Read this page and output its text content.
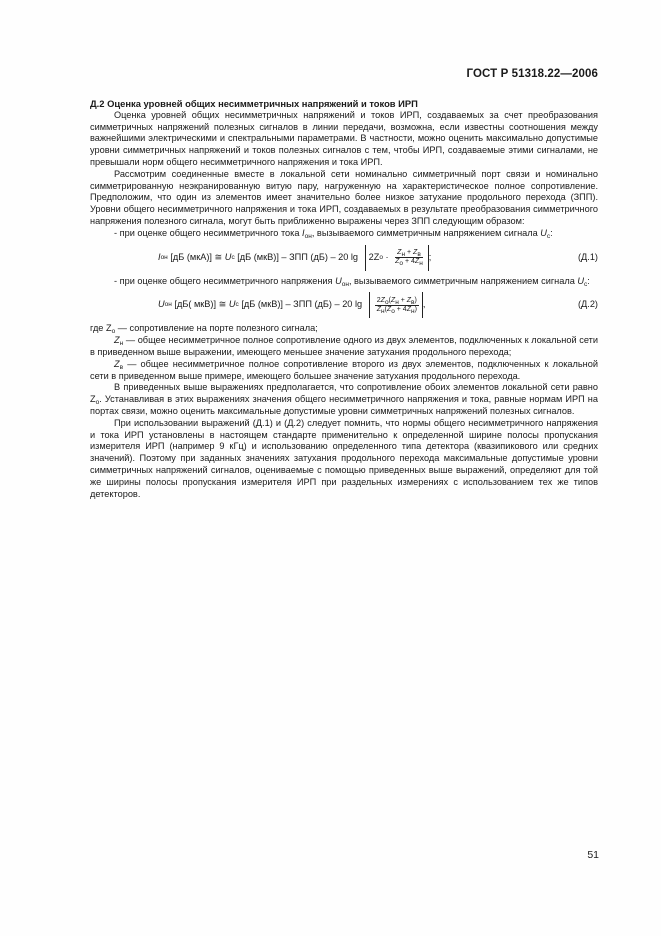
ГОСТ Р 51318.22—2006

Д.2 Оценка уровней общих несимметричных напряжений и токов ИРП

Оценка уровней общих несимметричных напряжений и токов ИРП, создаваемых за счет преобразования симметричных напряжений полезных сигналов в линии передачи, возможна, если известны соотношения между важнейшими электрическими и спектральными параметрами. В частности, можно оценить максимально допустимые уровни симметричных напряжений и токов полезных сигналов с тем, чтобы ИРП, создаваемые этими сигналами, не превышали норм общего несимметричного напряжения и тока ИРП.

Рассмотрим соединенные вместе в локальной сети номинально симметричный порт связи и номинально симметрированную неэкранированную витую пару, нагруженную на характеристическое полное сопротивление. Предположим, что один из элементов имеет значительно более низкое затухание продольного перехода (ЗПП). Уровни общего несимметричного напряжения и тока ИРП, создаваемых в результате преобразования симметричного напряжения полезного сигнала, могут быть приближенно выражены через ЗПП следующим образом:

- при оценке общего несимметричного тока $I_{он}$, вызываемого симметричным напряжением сигнала $U_с$:

I он [дБ (мкА)] ≅
U с [дБ (мкВ)] – ЗПП (дБ) – 20 lg 2Z $о \cdot \frac{Z_н + Z_в}{Z_o + 4Z_н}$ ;	(Д.1)

- при оценке общего несимметричного напряжения $U_{он}$, вызываемого симметричным напряжением сигнала $U_с$:

U он [дБ( мкВ)] ≅
U с [дБ (мкВ)] – ЗПП (дБ) – 20 $\lg \frac{2Z_о(Z_н + Z_в)}{Z_н(Z_о + 4Z_н)}$ ,	(Д.2)

где $Z_o$ — сопротивление на порте полезного сигнала;

$Z_н$ — общее несимметричное полное сопротивление одного из двух элементов, подключенных к локальной сети в приведенном выше выражении, имеющего меньшее значение затухания продольного перехода;

$Z_в$ — общее несимметричное полное сопротивление второго из двух элементов, подключенных к локальной сети в приведенном выше примере, имеющего большее значение затухания продольного перехода.

В приведенных выше выражениях предполагается, что сопротивление обоих элементов локальной сети равно $Z_o$. Устанавливая в этих выражениях значения общего несимметричного напряжения и тока, равные нормам ИРП на портах связи, можно оценить максимальные допустимые уровни симметричных напряжений полезных сигналов.

При использовании выражений (Д.1) и (Д.2) следует помнить, что нормы общего несимметричного напряжения и тока ИРП установлены в настоящем стандарте применительно к определенной ширине полосы пропускания измерителя ИРП (например 9 кГц) и использованию определенного типа детектора (квазипикового или средних значений). Поэтому при заданных значениях затухания продольного перехода максимальные допустимые уровни симметричных напряжений сигналов, оцениваемые с помощью приведенных выше выражений, определяют для той же ширины полосы пропускания измерителя ИРП при раздельных измерениях с использованием тех же типов детекторов.

51
